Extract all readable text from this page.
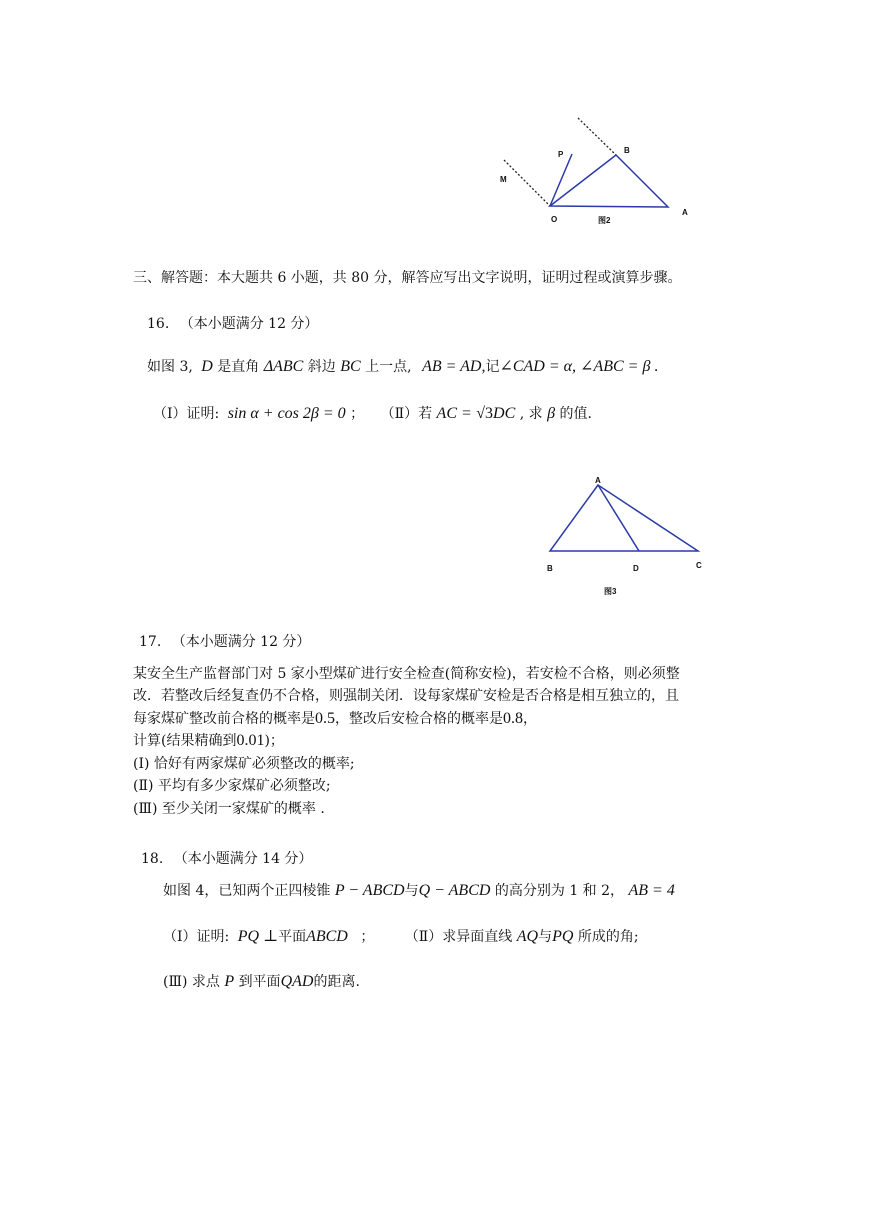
M
P	B
O
A
图2
三、解答题：本大题共 6 小题，共 80 分，解答应写出文字说明，证明过程或演算步骤。
16. （本小题满分 12 分）
如图 3, D 是直角 ΔABC 斜边 BC 上一点, AB = AD,记∠CAD = α, ∠ABC = β .
（Ⅰ）证明: sin α + cos 2β = 0 ； （Ⅱ）若 AC = √3DC , 求 β 的值.
A
B	D	C
图3
17. （本小题满分 12 分）
某安全生产监督部门对 5 家小型煤矿进行安全检查(简称安检)，若安检不合格，则必须整
改．若整改后经复查仍不合格，则强制关闭．设每家煤矿安检是否合格是相互独立的，且
每家煤矿整改前合格的概率是0.5，整改后安检合格的概率是0.8，
计算(结果精确到0.01)；
(Ⅰ) 恰好有两家煤矿必须整改的概率;
(Ⅱ) 平均有多少家煤矿必须整改;
(Ⅲ) 至少关闭一家煤矿的概率 .
18. （本小题满分 14 分）
如图 4，已知两个正四棱锥 P − ABCD与Q − ABCD 的高分别为 1 和 2， AB = 4
（Ⅰ）证明: PQ ⊥平面ABCD ； （Ⅱ）求异面直线 AQ与PQ 所成的角;
(Ⅲ) 求点 P 到平面QAD的距离.
